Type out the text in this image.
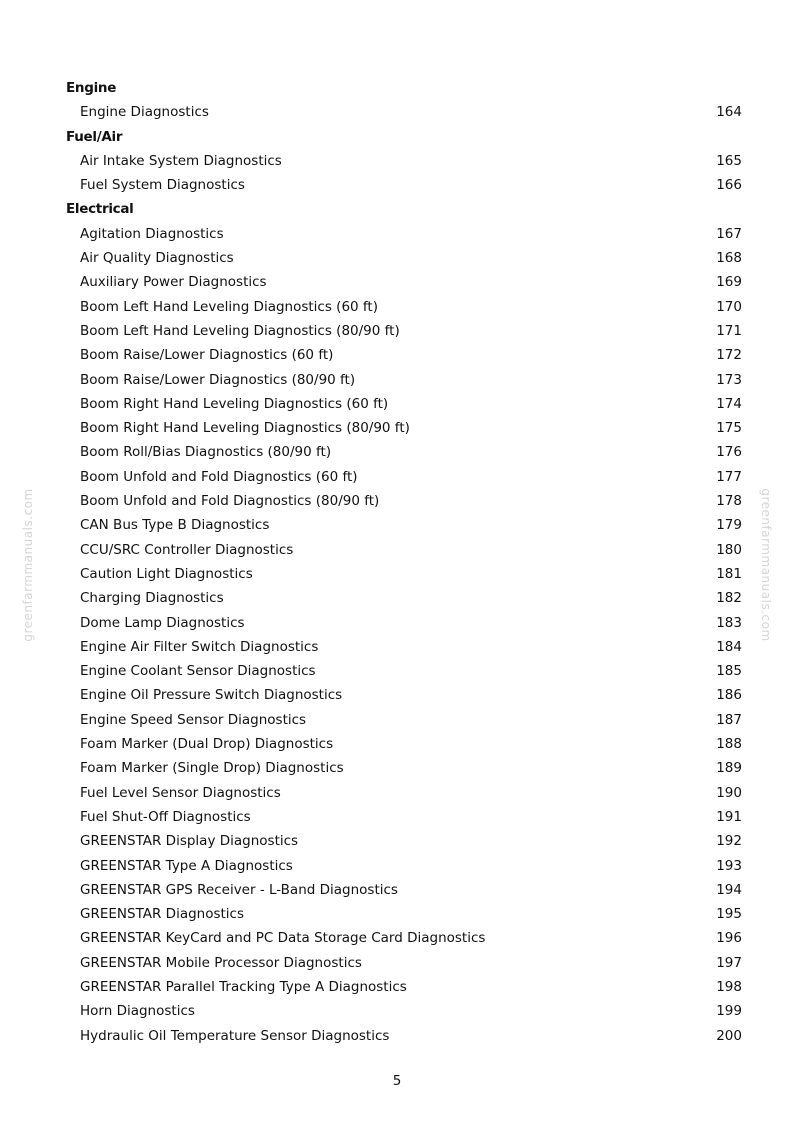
Engine
Engine Diagnostics	164
Fuel/Air
Air Intake System Diagnostics	165
Fuel System Diagnostics	166
Electrical
Agitation Diagnostics	167
Air Quality Diagnostics	168
Auxiliary Power Diagnostics	169
Boom Left Hand Leveling Diagnostics (60 ft)	170
Boom Left Hand Leveling Diagnostics (80/90 ft)	171
Boom Raise/Lower Diagnostics (60 ft)	172
Boom Raise/Lower Diagnostics (80/90 ft)	173
Boom Right Hand Leveling Diagnostics (60 ft)	174
Boom Right Hand Leveling Diagnostics (80/90 ft)	175
Boom Roll/Bias Diagnostics (80/90 ft)	176
Boom Unfold and Fold Diagnostics (60 ft)	177
Boom Unfold and Fold Diagnostics (80/90 ft)	178
CAN Bus Type B Diagnostics	179
CCU/SRC Controller Diagnostics	180
Caution Light Diagnostics	181
Charging Diagnostics	182
Dome Lamp Diagnostics	183
Engine Air Filter Switch Diagnostics	184
Engine Coolant Sensor Diagnostics	185
Engine Oil Pressure Switch Diagnostics	186
Engine Speed Sensor Diagnostics	187
Foam Marker (Dual Drop) Diagnostics	188
Foam Marker (Single Drop) Diagnostics	189
Fuel Level Sensor Diagnostics	190
Fuel Shut-Off Diagnostics	191
GREENSTAR Display Diagnostics	192
GREENSTAR Type A Diagnostics	193
GREENSTAR GPS Receiver - L-Band Diagnostics	194
GREENSTAR Diagnostics	195
GREENSTAR KeyCard and PC Data Storage Card Diagnostics	196
GREENSTAR Mobile Processor Diagnostics	197
GREENSTAR Parallel Tracking Type A Diagnostics	198
Horn Diagnostics	199
Hydraulic Oil Temperature Sensor Diagnostics	200
greenfarmmanuals.com	greenfarmmanuals.com
5
